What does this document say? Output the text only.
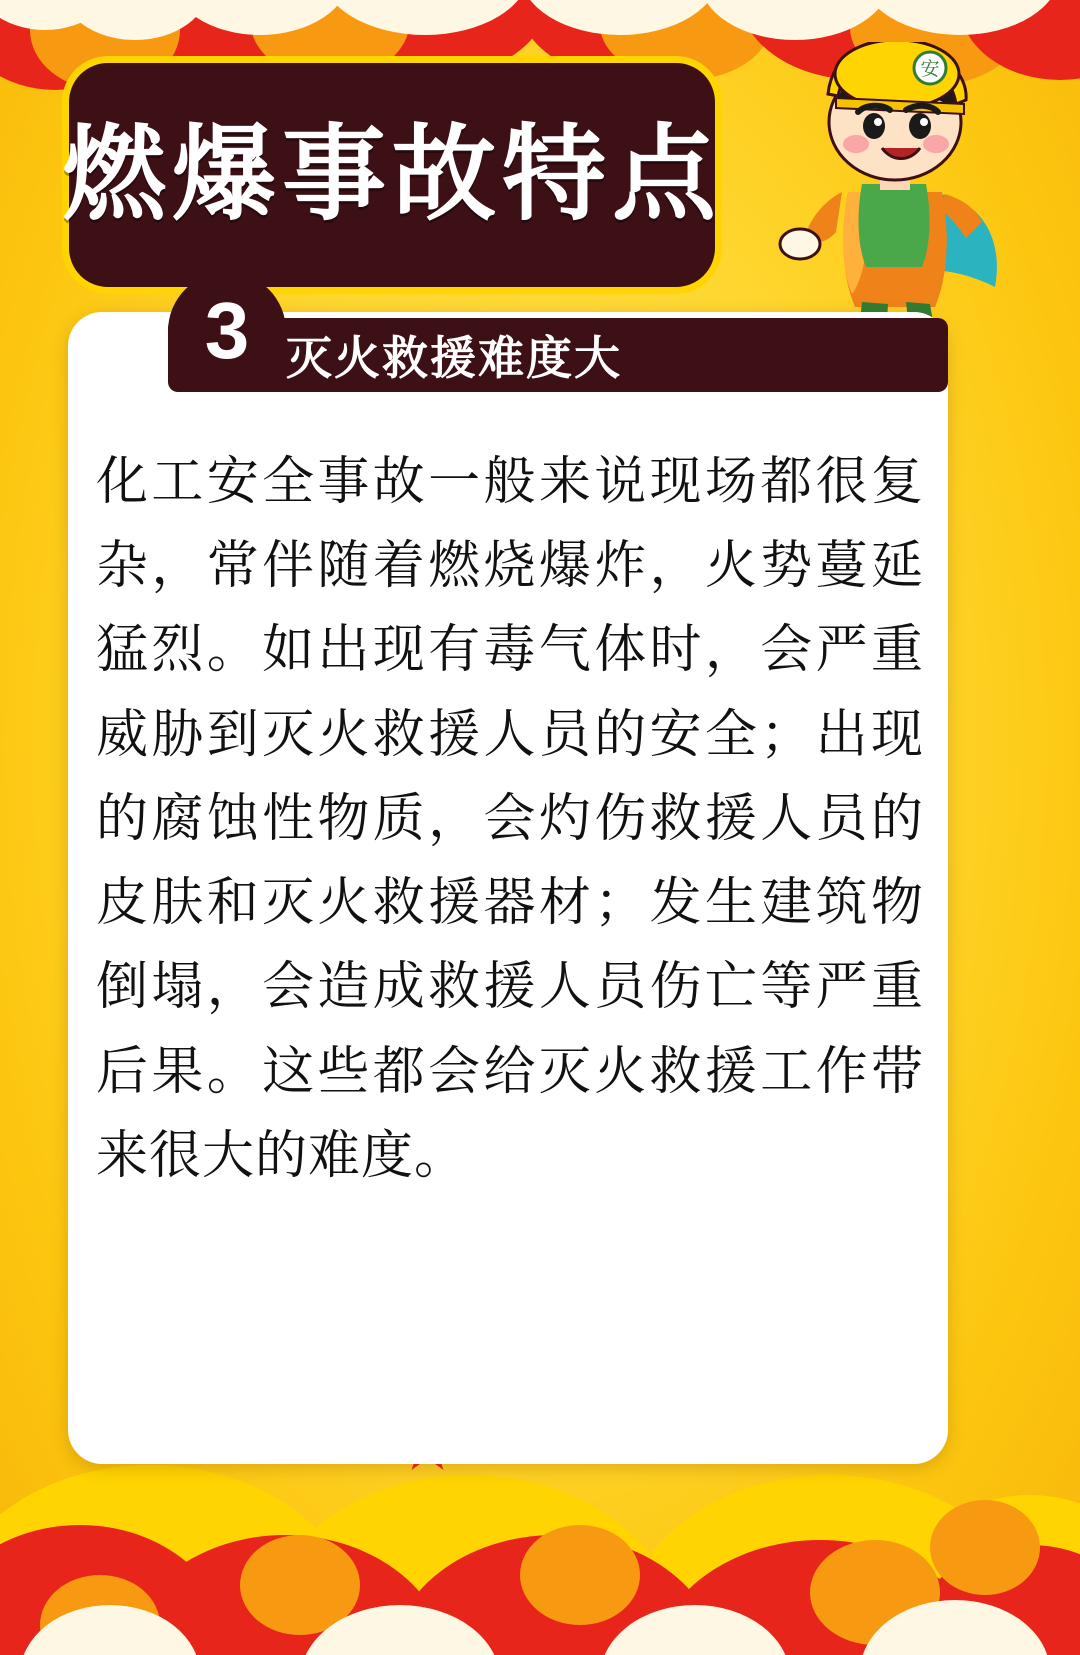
燃爆事故特点
安
灭火救援难度大
3
化工安全事故一般来说现场都很复杂，常伴随着燃烧爆炸，火势蔓延猛烈。如出现有毒气体时，会严重威胁到灭火救援人员的安全；出现的腐蚀性物质，会灼伤救援人员的皮肤和灭火救援器材；发生建筑物倒塌，会造成救援人员伤亡等严重后果。这些都会给灭火救援工作带来很大的难度。
